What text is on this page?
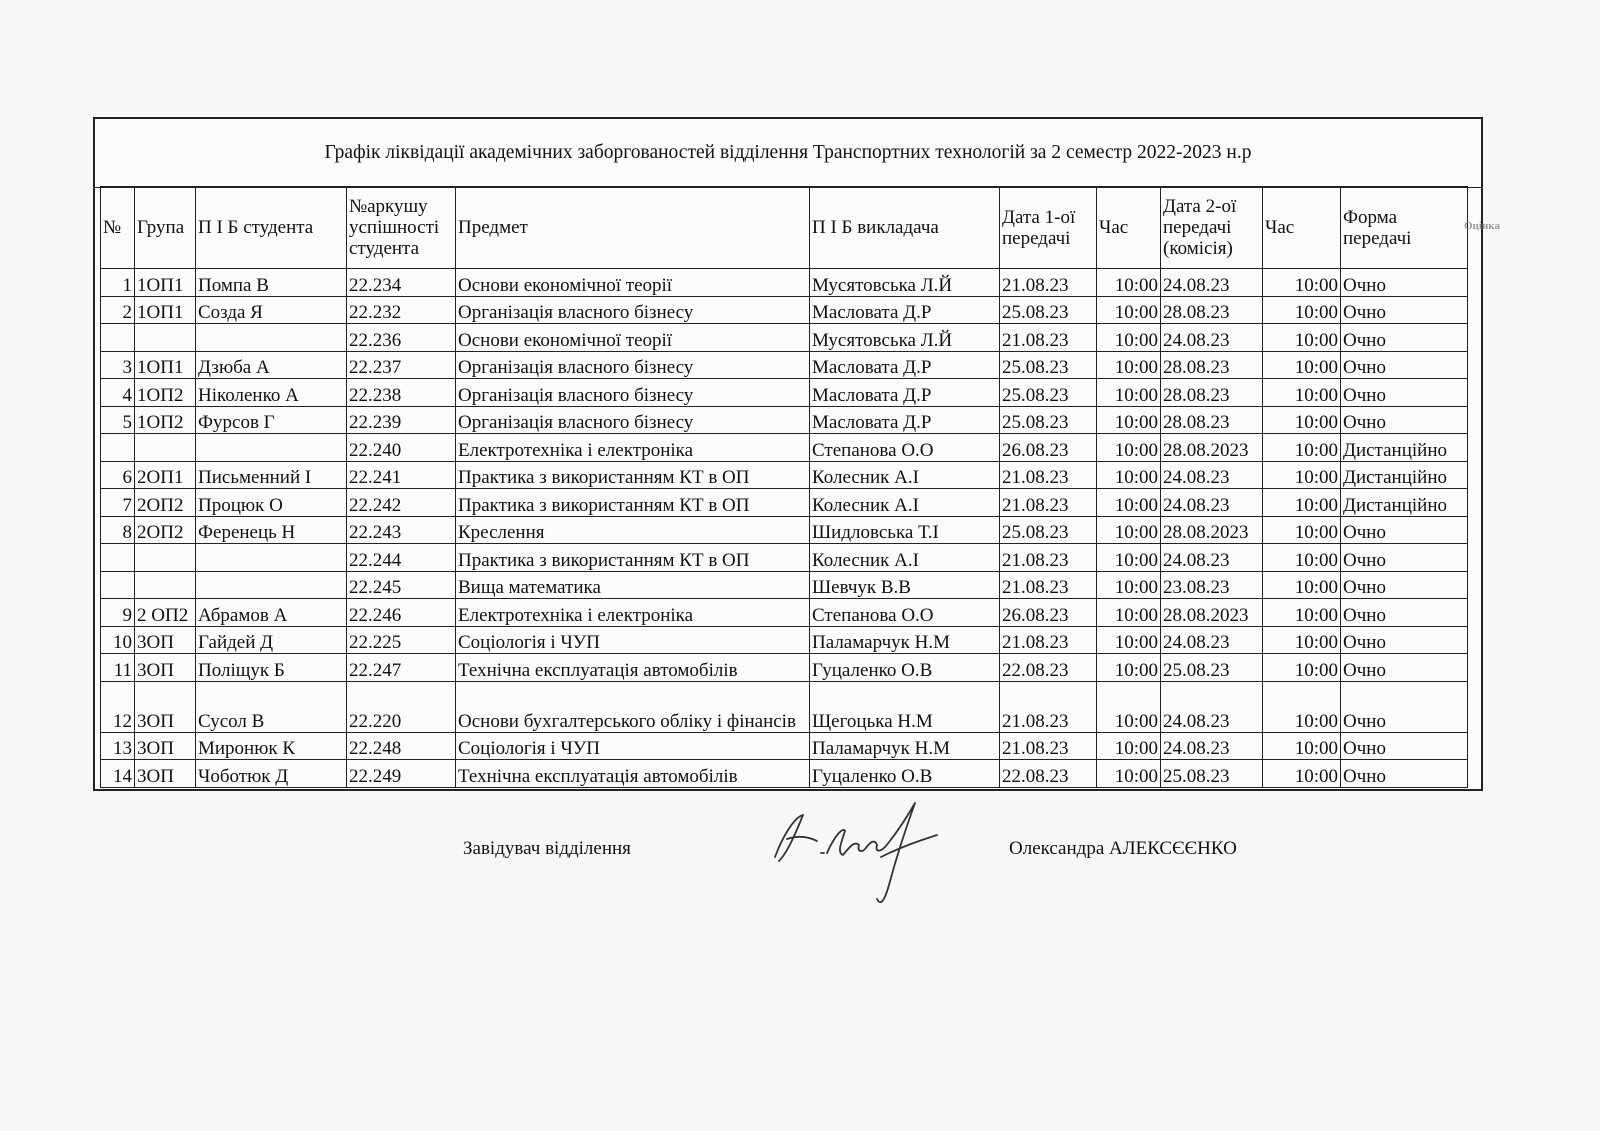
Графік ліквідації академічних заборгованостей відділення Транспортних технологій за 2 семестр 2022-2023 н.р
№	Група	П І Б студента	№аркушу успішності студента	Предмет	П І Б викладача	Дата 1-ої передачі	Час	Дата 2-ої передачі (комісія)	Час	Форма передачі
1	1ОП1	Помпа В	22.234	Основи економічної теорії	Мусятовська Л.Й	21.08.23	10:00	24.08.23	10:00	Очно
2	1ОП1	Созда Я	22.232	Організація власного бізнесу	Масловата Д.Р	25.08.23	10:00	28.08.23	10:00	Очно
			22.236	Основи економічної теорії	Мусятовська Л.Й	21.08.23	10:00	24.08.23	10:00	Очно
3	1ОП1	Дзюба А	22.237	Організація власного бізнесу	Масловата Д.Р	25.08.23	10:00	28.08.23	10:00	Очно
4	1ОП2	Ніколенко А	22.238	Організація власного бізнесу	Масловата Д.Р	25.08.23	10:00	28.08.23	10:00	Очно
5	1ОП2	Фурсов Г	22.239	Організація власного бізнесу	Масловата Д.Р	25.08.23	10:00	28.08.23	10:00	Очно
			22.240	Електротехніка і електроніка	Степанова О.О	26.08.23	10:00	28.08.2023	10:00	Дистанційно
6	2ОП1	Письменний І	22.241	Практика з використанням КТ в ОП	Колесник А.І	21.08.23	10:00	24.08.23	10:00	Дистанційно
7	2ОП2	Процюк О	22.242	Практика з використанням КТ в ОП	Колесник А.І	21.08.23	10:00	24.08.23	10:00	Дистанційно
8	2ОП2	Ференець Н	22.243	Креслення	Шидловська Т.І	25.08.23	10:00	28.08.2023	10:00	Очно
			22.244	Практика з використанням КТ в ОП	Колесник А.І	21.08.23	10:00	24.08.23	10:00	Очно
			22.245	Вища математика	Шевчук В.В	21.08.23	10:00	23.08.23	10:00	Очно
9	2 ОП2	Абрамов А	22.246	Електротехніка і електроніка	Степанова О.О	26.08.23	10:00	28.08.2023	10:00	Очно
10	3ОП	Гайдей Д	22.225	Соціологія і ЧУП	Паламарчук Н.М	21.08.23	10:00	24.08.23	10:00	Очно
11	3ОП	Поліщук Б	22.247	Технічна експлуатація автомобілів	Гуцаленко О.В	22.08.23	10:00	25.08.23	10:00	Очно
12	3ОП	Сусол В	22.220	Основи бухгалтерського обліку і фінансів	Щегоцька Н.М	21.08.23	10:00	24.08.23	10:00	Очно
13	3ОП	Миронюк К	22.248	Соціологія і ЧУП	Паламарчук Н.М	21.08.23	10:00	24.08.23	10:00	Очно
14	3ОП	Чоботюк Д	22.249	Технічна експлуатація автомобілів	Гуцаленко О.В	22.08.23	10:00	25.08.23	10:00	Очно
Оцінка
Завідувач відділення	Олександра АЛЕКСЄЄНКО
